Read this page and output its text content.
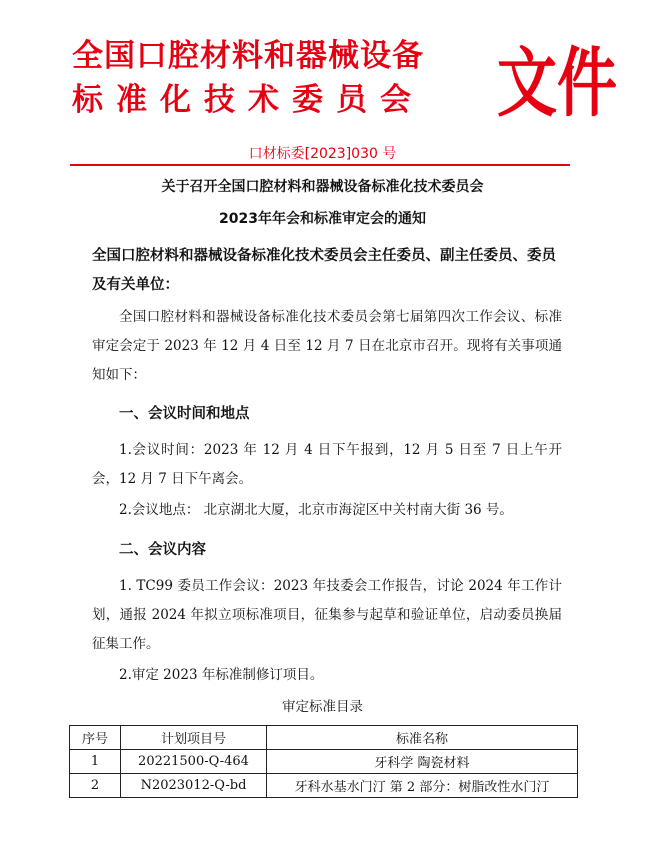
全国口腔材料和器械设备
标准化技术委员会	文件
口材标委[2023]030 号
关于召开全国口腔材料和器械设备标准化技术委员会
2023年年会和标准审定会的通知
全国口腔材料和器械设备标准化技术委员会主任委员、副主任委员、委员及有关单位：
全国口腔材料和器械设备标准化技术委员会第七届第四次工作会议、标准审定会定于 2023 年 12 月 4 日至 12 月 7 日在北京市召开。现将有关事项通知如下：
一、会议时间和地点
1.会议时间：2023 年 12 月 4 日下午报到，12 月 5 日至 7 日上午开会，12 月 7 日下午离会。
2.会议地点： 北京湖北大厦，北京市海淀区中关村南大街 36 号。
二、会议内容
1. TC99 委员工作会议：2023 年技委会工作报告，讨论 2024 年工作计划，通报 2024 年拟立项标准项目，征集参与起草和验证单位，启动委员换届征集工作。
2.审定 2023 年标准制修订项目。
审定标准目录
序号	计划项目号	标准名称
1	20221500-Q-464	牙科学 陶瓷材料
2	N2023012-Q-bd	牙科水基水门汀 第 2 部分：树脂改性水门汀
